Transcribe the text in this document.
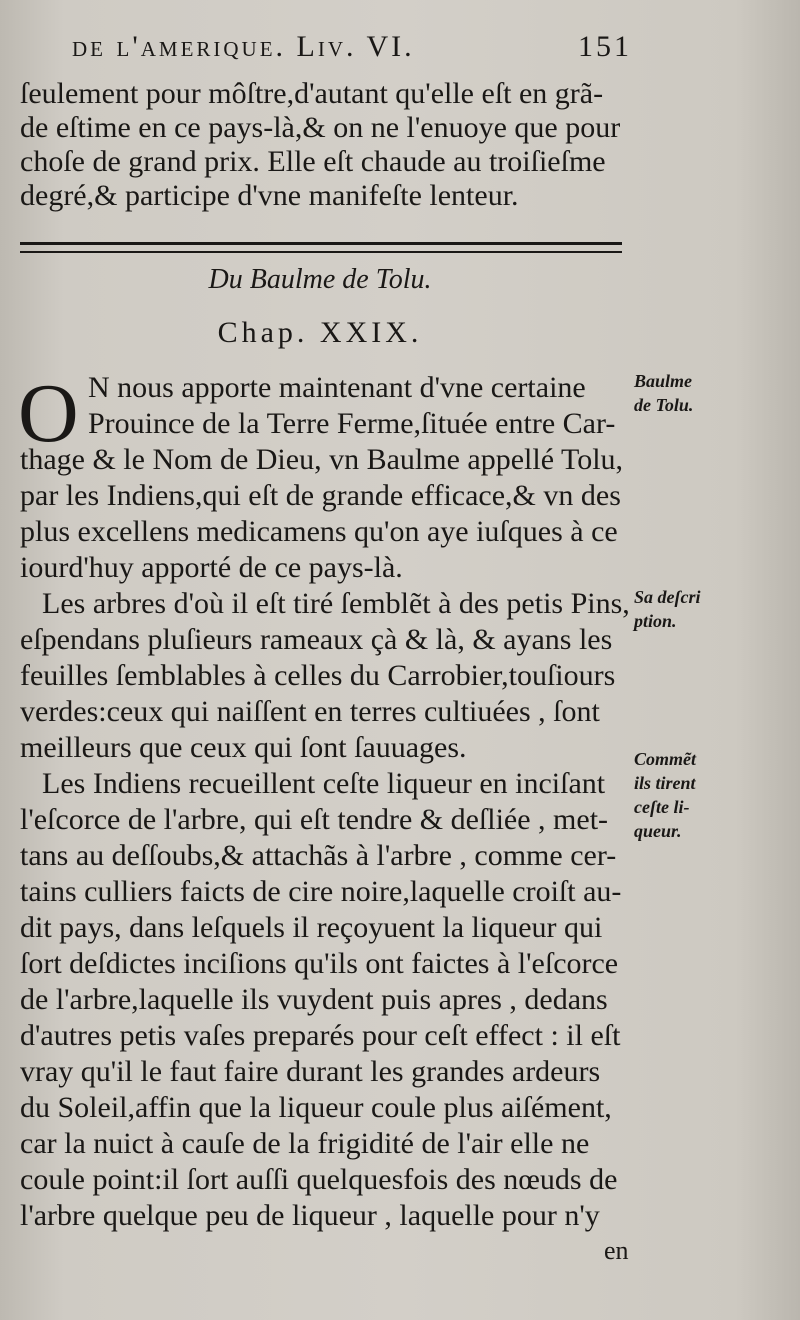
de l'amerique. Liv. VI.	151
ſeulement pour môſtre,d'autant qu'elle eſt en grã-
de eſtime en ce pays-là,& on ne l'enuoye que pour
choſe de grand prix. Elle eſt chaude au troiſieſme
degré,& participe d'vne manifeſte lenteur.
Du Baulme de Tolu.
Chap. XXIX.
O N nous apporte maintenant d'vne certaine
Prouince de la Terre Ferme,ſituée entre Car-
thage & le Nom de Dieu, vn Baulme appellé Tolu,
par les Indiens,qui eſt de grande efficace,& vn des
plus excellens medicamens qu'on aye iuſques à ce
iourd'huy apporté de ce pays-là.
Les arbres d'où il eſt tiré ſemblẽt à des petis Pins,
eſpendans pluſieurs rameaux çà & là, & ayans les
feuilles ſemblables à celles du Carrobier,touſiours
verdes:ceux qui naiſſent en terres cultiuées , ſont
meilleurs que ceux qui ſont ſauuages.
Les Indiens recueillent ceſte liqueur en inciſant
l'eſcorce de l'arbre, qui eſt tendre & deſliée , met-
tans au deſſoubs,& attachãs à l'arbre , comme cer-
tains culliers faicts de cire noire,laquelle croiſt au-
dit pays, dans leſquels il reçoyuent la liqueur qui
ſort deſdictes inciſions qu'ils ont faictes à l'eſcorce
de l'arbre,laquelle ils vuydent puis apres , dedans
d'autres petis vaſes preparés pour ceſt effect : il eſt
vray qu'il le faut faire durant les grandes ardeurs
du Soleil,affin que la liqueur coule plus aiſément,
car la nuict à cauſe de la frigidité de l'air elle ne
coule point:il ſort auſſi quelquesfois des nœuds de
l'arbre quelque peu de liqueur , laquelle pour n'y
en
Baulme
de Tolu.
Sa deſcri
ption.
Commẽt
ils tirent
ceſte li-
queur.
